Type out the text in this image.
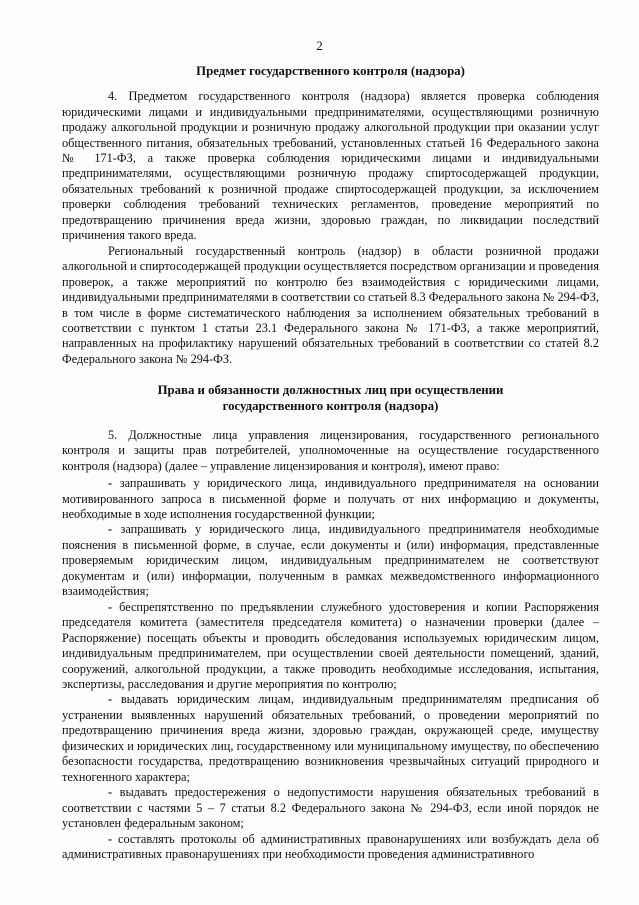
2
Предмет государственного контроля (надзора)

4. Предметом государственного контроля (надзора) является проверка соблюдения юридическими лицами и индивидуальными предпринимателями, осуществляющими розничную продажу алкогольной продукции и розничную продажу алкогольной продукции при оказании услуг общественного питания, обязательных требований, установленных статьей 16 Федерального закона № 171-ФЗ, а также проверка соблюдения юридическими лицами и индивидуальными предпринимателями, осуществляющими розничную продажу спиртосодержащей продукции, обязательных требований к розничной продаже спиртосодержащей продукции, за исключением проверки соблюдения требований технических регламентов, проведение мероприятий по предотвращению причинения вреда жизни, здоровью граждан, по ликвидации последствий причинения такого вреда.

Региональный государственный контроль (надзор) в области розничной продажи алкогольной и спиртосодержащей продукции осуществляется посредством организации и проведения проверок, а также мероприятий по контролю без взаимодействия с юридическими лицами, индивидуальными предпринимателями в соответствии со статьей 8.3 Федерального закона № 294-ФЗ, в том числе в форме систематического наблюдения за исполнением обязательных требований в соответствии с пунктом 1 статьи 23.1 Федерального закона № 171-ФЗ, а также мероприятий, направленных на профилактику нарушений обязательных требований в соответствии со статей 8.2 Федерального закона № 294-ФЗ.

Права и обязанности должностных лиц при осуществлении
государственного контроля (надзора)

5. Должностные лица управления лицензирования, государственного регионального контроля и защиты прав потребителей, уполномоченные на осуществление государственного контроля (надзора) (далее – управление лицензирования и контроля), имеют право:

- запрашивать у юридического лица, индивидуального предпринимателя на основании мотивированного запроса в письменной форме и получать от них информацию и документы, необходимые в ходе исполнения государственной функции;

- запрашивать у юридического лица, индивидуального предпринимателя необходимые пояснения в письменной форме, в случае, если документы и (или) информация, представленные проверяемым юридическим лицом, индивидуальным предпринимателем не соответствуют документам и (или) информации, полученным в рамках межведомственного информационного взаимодействия;

- беспрепятственно по предъявлении служебного удостоверения и копии Распоряжения председателя комитета (заместителя председателя комитета) о назначении проверки (далее – Распоряжение) посещать объекты и проводить обследования используемых юридическим лицом, индивидуальным предпринимателем, при осуществлении своей деятельности помещений, зданий, сооружений, алкогольной продукции, а также проводить необходимые исследования, испытания, экспертизы, расследования и другие мероприятия по контролю;

- выдавать юридическим лицам, индивидуальным предпринимателям предписания об устранении выявленных нарушений обязательных требований, о проведении мероприятий по предотвращению причинения вреда жизни, здоровью граждан, окружающей среде, имуществу физических и юридических лиц, государственному или муниципальному имуществу, по обеспечению безопасности государства, предотвращению возникновения чрезвычайных ситуаций природного и техногенного характера;

- выдавать предостережения о недопустимости нарушения обязательных требований в соответствии с частями 5 – 7 статьи 8.2 Федерального закона № 294-ФЗ, если иной порядок не установлен федеральным законом;

- составлять протоколы об административных правонарушениях или возбуждать дела об административных правонарушениях при необходимости проведения административного
